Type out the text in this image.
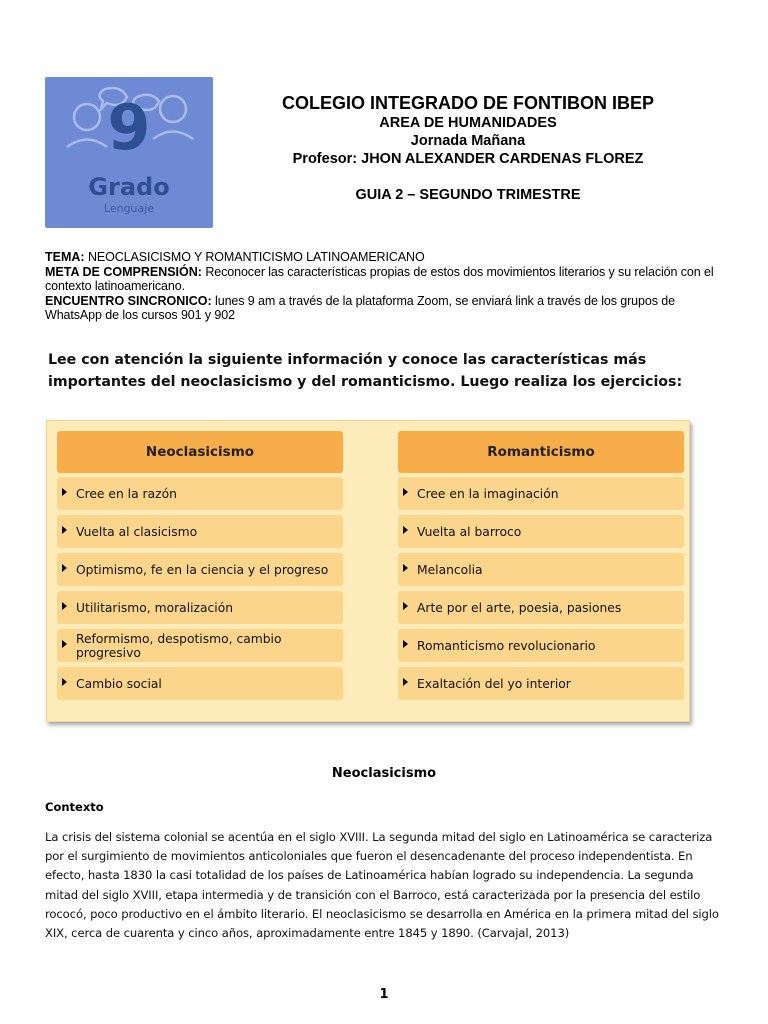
9
Grado
Lenguaje
COLEGIO INTEGRADO DE FONTIBON IBEP
AREA DE HUMANIDADES
Jornada Mañana
Profesor: JHON ALEXANDER CARDENAS FLOREZ
GUIA 2 – SEGUNDO TRIMESTRE
TEMA: NEOCLASICISMO Y ROMANTICISMO LATINOAMERICANO
META DE COMPRENSIÓN: Reconocer las características propias de estos dos movimientos literarios y su relación con el contexto latinoamericano.
ENCUENTRO SINCRONICO: lunes 9 am a través de la plataforma Zoom, se enviará link a través de los grupos de WhatsApp de los cursos 901 y 902
Lee con atención la siguiente información y conoce las características más importantes del neoclasicismo y del romanticismo. Luego realiza los ejercicios:
Neoclasicismo
Cree en la razón
Vuelta al clasicismo
Optimismo, fe en la ciencia y el progreso
Utilitarismo, moralización
Reformismo, despotismo, cambio progresivo
Cambio social
Romanticismo
Cree en la imaginación
Vuelta al barroco
Melancolia
Arte por el arte, poesia, pasiones
Romanticismo revolucionario
Exaltación del yo interior
Neoclasicismo
Contexto
La crisis del sistema colonial se acentúa en el siglo XVIII. La segunda mitad del siglo en Latinoamérica se caracteriza por el surgimiento de movimientos anticoloniales que fueron el desencadenante del proceso independentista. En efecto, hasta 1830 la casi totalidad de los países de Latinoamérica habían logrado su independencia. La segunda mitad del siglo XVIII, etapa intermedia y de transición con el Barroco, está caracterizada por la presencia del estilo rococó, poco productivo en el ámbito literario. El neoclasicismo se desarrolla en América en la primera mitad del siglo XIX, cerca de cuarenta y cinco años, aproximadamente entre 1845 y 1890. (Carvajal, 2013)
1
